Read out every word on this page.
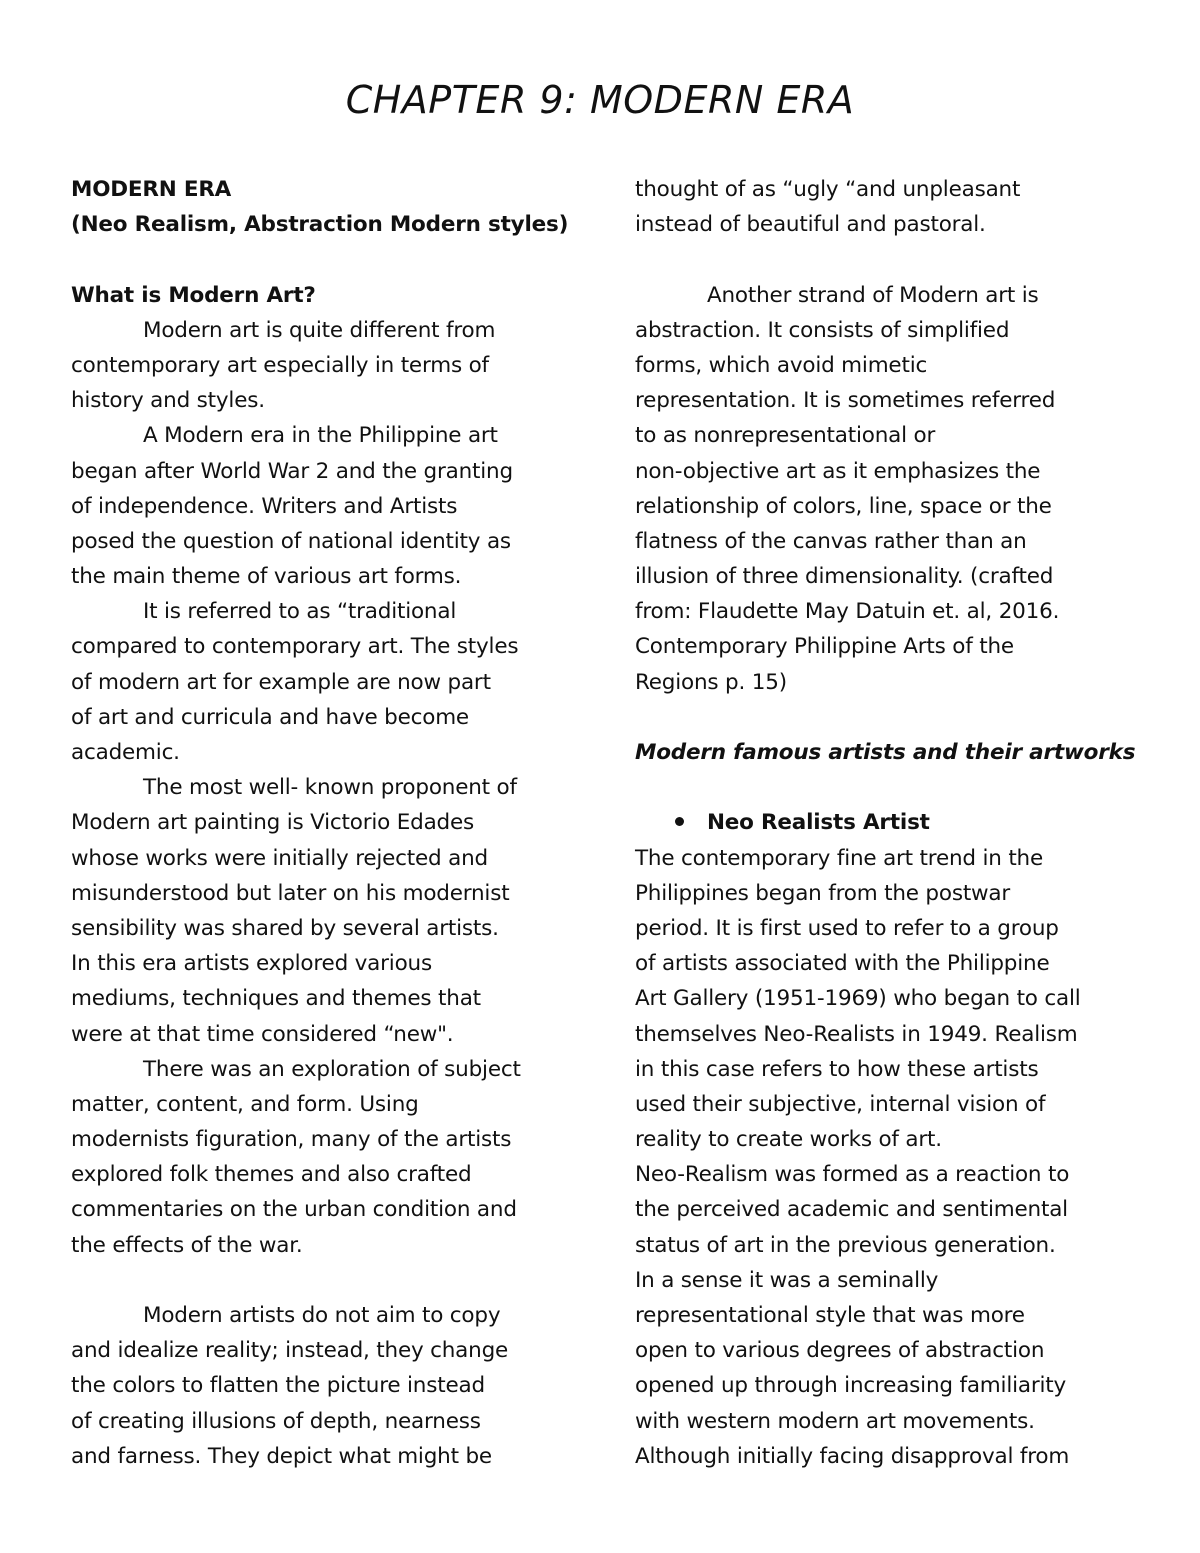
CHAPTER 9: MODERN ERA
MODERN ERA
(Neo Realism, Abstraction Modern styles)
What is Modern Art?
Modern art is quite different from
contemporary art especially in terms of
history and styles.
A Modern era in the Philippine art
began after World War 2 and the granting
of independence. Writers and Artists
posed the question of national identity as
the main theme of various art forms.
It is referred to as “traditional
compared to contemporary art. The styles
of modern art for example are now part
of art and curricula and have become
academic.
The most well- known proponent of
Modern art painting is Victorio Edades
whose works were initially rejected and
misunderstood but later on his modernist
sensibility was shared by several artists.
In this era artists explored various
mediums, techniques and themes that
were at that time considered “new".
There was an exploration of subject
matter, content, and form. Using
modernists figuration, many of the artists
explored folk themes and also crafted
commentaries on the urban condition and
the effects of the war.
Modern artists do not aim to copy
and idealize reality; instead, they change
the colors to flatten the picture instead
of creating illusions of depth, nearness
and farness. They depict what might be
thought of as “ugly “and unpleasant
instead of beautiful and pastoral.
Another strand of Modern art is
abstraction. It consists of simplified
forms, which avoid mimetic
representation. It is sometimes referred
to as nonrepresentational or
non-objective art as it emphasizes the
relationship of colors, line, space or the
flatness of the canvas rather than an
illusion of three dimensionality. (crafted
from: Flaudette May Datuin et. al, 2016.
Contemporary Philippine Arts of the
Regions p. 15)
Modern famous artists and their artworks
Neo Realists Artist
The contemporary fine art trend in the
Philippines began from the postwar
period. It is first used to refer to a group
of artists associated with the Philippine
Art Gallery (1951-1969) who began to call
themselves Neo-Realists in 1949. Realism
in this case refers to how these artists
used their subjective, internal vision of
reality to create works of art.
Neo-Realism was formed as a reaction to
the perceived academic and sentimental
status of art in the previous generation.
In a sense it was a seminally
representational style that was more
open to various degrees of abstraction
opened up through increasing familiarity
with western modern art movements.
Although initially facing disapproval from
